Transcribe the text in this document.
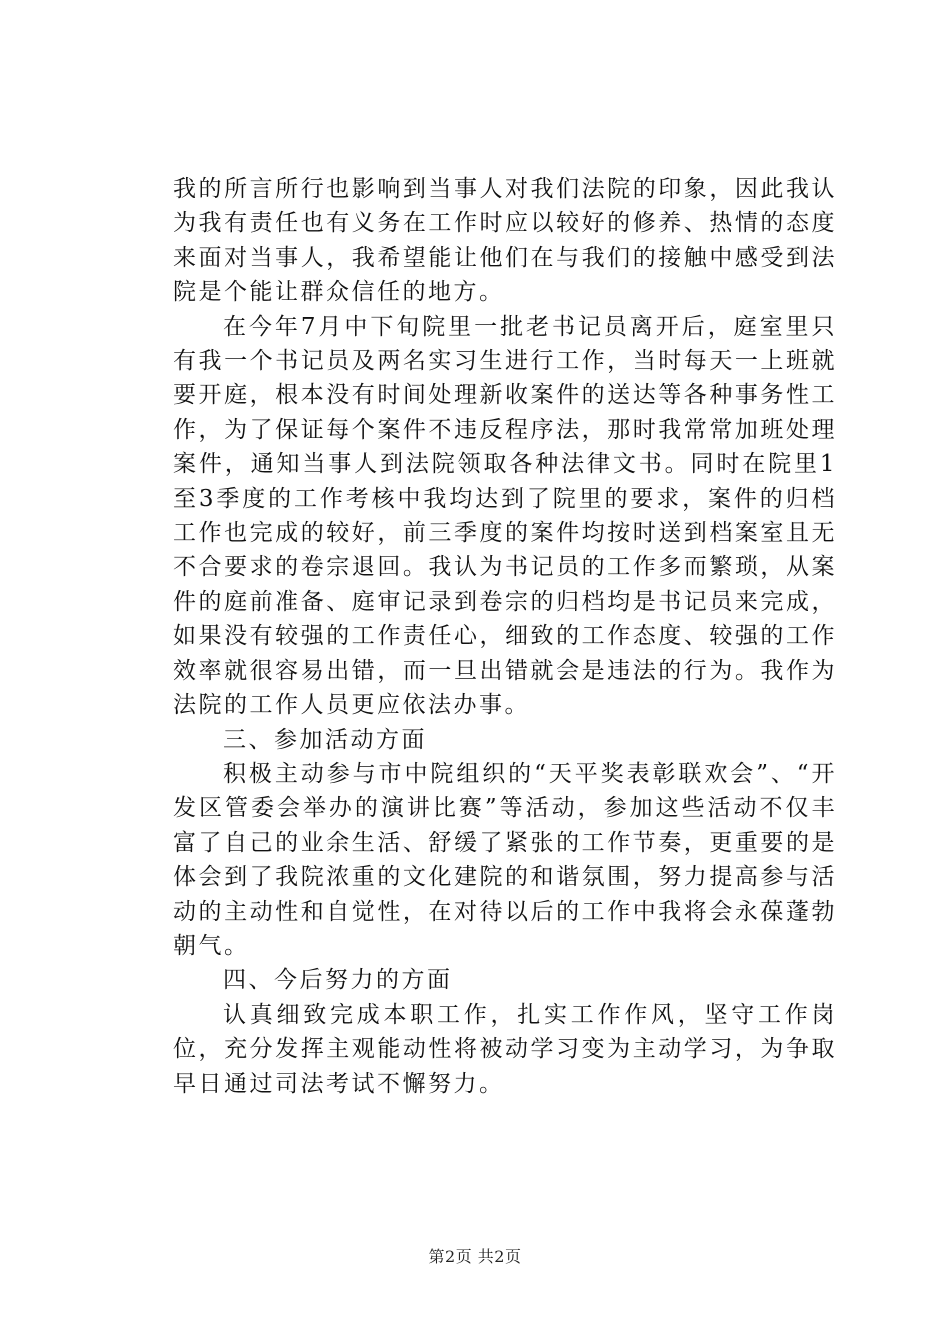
我的所言所行也影响到当事人对我们法院的印象，因此我认为我有责任也有义务在工作时应以较好的修养、热情的态度来面对当事人，我希望能让他们在与我们的接触中感受到法院是个能让群众信任的地方。

在今年7月中下旬院里一批老书记员离开后，庭室里只有我一个书记员及两名实习生进行工作，当时每天一上班就要开庭，根本没有时间处理新收案件的送达等各种事务性工作，为了保证每个案件不违反程序法，那时我常常加班处理案件，通知当事人到法院领取各种法律文书。同时在院里1至3季度的工作考核中我均达到了院里的要求，案件的归档工作也完成的较好，前三季度的案件均按时送到档案室且无不合要求的卷宗退回。我认为书记员的工作多而繁琐，从案件的庭前准备、庭审记录到卷宗的归档均是书记员来完成，如果没有较强的工作责任心，细致的工作态度、较强的工作效率就很容易出错，而一旦出错就会是违法的行为。我作为法院的工作人员更应依法办事。

三、参加活动方面

积极主动参与市中院组织的“天平奖表彰联欢会”、“开发区管委会举办的演讲比赛”等活动，参加这些活动不仅丰富了自己的业余生活、舒缓了紧张的工作节奏，更重要的是体会到了我院浓重的文化建院的和谐氛围，努力提高参与活动的主动性和自觉性，在对待以后的工作中我将会永葆蓬勃朝气。

四、今后努力的方面

认真细致完成本职工作，扎实工作作风，坚守工作岗位，充分发挥主观能动性将被动学习变为主动学习，为争取早日通过司法考试不懈努力。

第2页 共2页
